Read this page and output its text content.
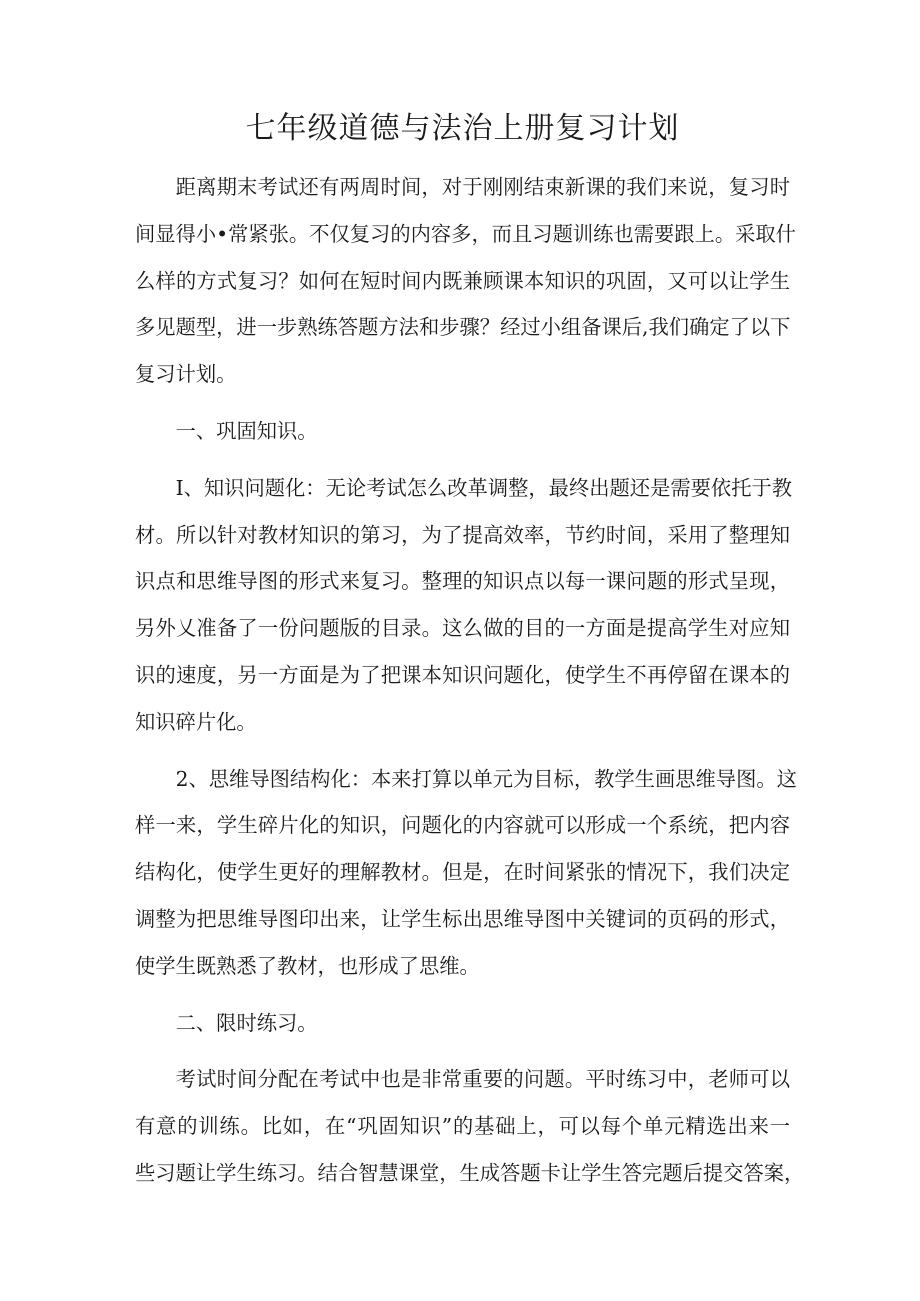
七年级道德与法治上册复习计划
距离期末考试还有两周时间，对于刚刚结束新课的我们来说，复习时
间显得小•常紧张。不仅复习的内容多，而且习题训练也需要跟上。采取什
么样的方式复习？如何在短时间内既兼顾课本知识的巩固，又可以让学生
多见题型，进一步熟练答题方法和步骤？经过小组备课后,我们确定了以下
复习计划。
一、巩固知识。
I、知识问题化：无论考试怎么改革调整，最终出题还是需要依托于教
材。所以针对教材知识的第习，为了提高效率，节约时间，采用了整理知
识点和思维导图的形式来复习。整理的知识点以每一课问题的形式呈现，
另外乂准备了一份问题版的目录。这么做的目的一方面是提高学生对应知
识的速度，另一方面是为了把课本知识问题化，使学生不再停留在课本的
知识碎片化。
2、思维导图结构化：本来打算以单元为目标，教学生画思维导图。这
样一来，学生碎片化的知识，问题化的内容就可以形成一个系统，把内容
结构化，使学生更好的理解教材。但是，在时间紧张的情况下，我们决定
调整为把思维导图印出来，让学生标出思维导图中关键词的页码的形式，
使学生既熟悉了教材，也形成了思维。
二、限时练习。
考试时间分配在考试中也是非常重要的问题。平时练习中，老师可以
有意的训练。比如，在“巩固知识”的基础上，可以每个单元精选出来一
些习题让学生练习。结合智慧课堂，生成答题卡让学生答完题后提交答案，
